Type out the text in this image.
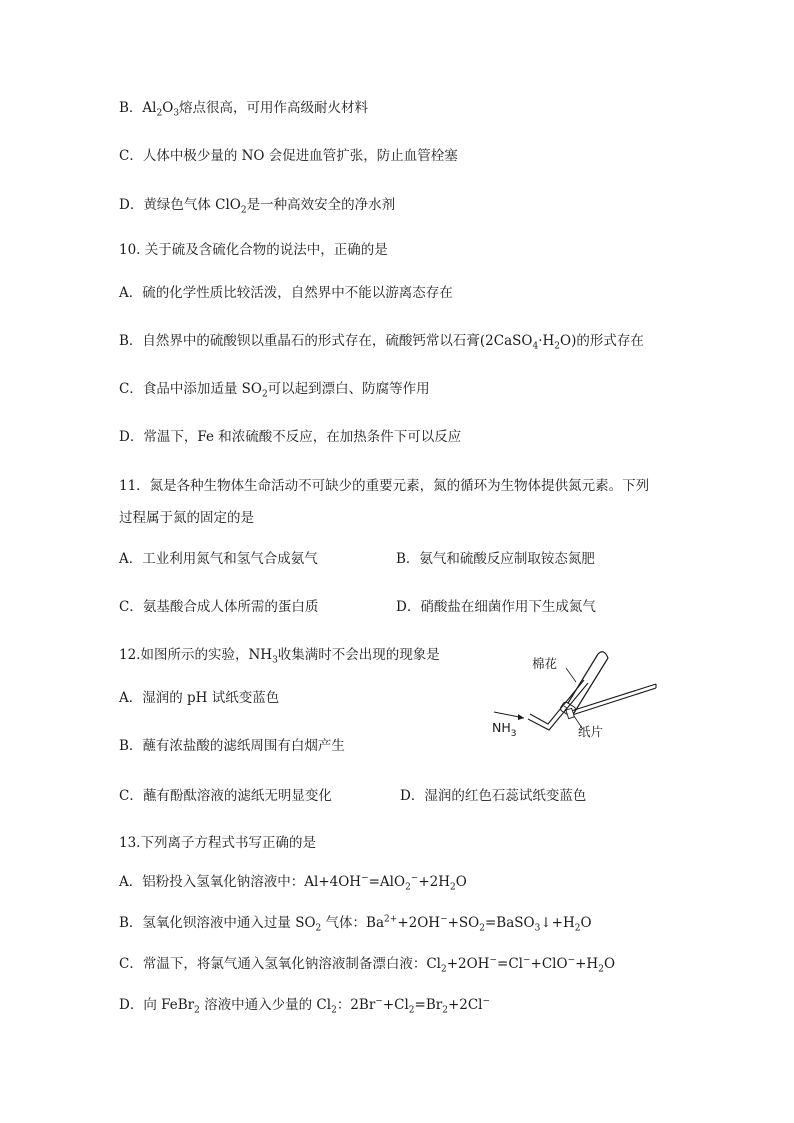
B．$Al_2O_3$熔点很高，可用作高级耐火材料
C．人体中极少量的 NO 会促进血管扩张，防止血管栓塞
D．黄绿色气体 ClO$_2$是一种高效安全的净水剂
10. 关于硫及含硫化合物的说法中，正确的是
A．硫的化学性质比较活泼，自然界中不能以游离态存在
B．自然界中的硫酸钡以重晶石的形式存在，硫酸钙常以石膏$(2CaSO_4\cdot H_2O)$的形式存在
C．食品中添加适量 $SO_2$可以起到漂白、防腐等作用
D．常温下，Fe 和浓硫酸不反应，在加热条件下可以反应
11．氮是各种生物体生命活动不可缺少的重要元素，氮的循环为生物体提供氮元素。下列
过程属于氮的固定的是
A．工业利用氮气和氢气合成氨气	B．氨气和硫酸反应制取铵态氮肥
C．氨基酸合成人体所需的蛋白质	D．硝酸盐在细菌作用下生成氮气
12.如图所示的实验，$NH_3$收集满时不会出现的现象是
A．湿润的 pH 试纸变蓝色
B．蘸有浓盐酸的滤纸周围有白烟产生
C．蘸有酚酞溶液的滤纸无明显变化	D．湿润的红色石蕊试纸变蓝色
棉花
纸片
$NH_3$
13.下列离子方程式书写正确的是
A．铝粉投入氢氧化钠溶液中：$Al+4OH^-=AlO_2^-+2H_2O$
B．氢氧化钡溶液中通入过量 $SO_2$ 气体：$Ba^{2+}+2OH^-+SO_2=BaSO_3↓+H_2O$
C．常温下，将氯气通入氢氧化钠溶液制备漂白液：$Cl_2+2OH^-=Cl^-+ClO^-+H_2O$
D．向 FeBr$_2$ 溶液中通入少量的 $Cl_2$：$2Br^-+Cl_2=Br_2+2Cl^-$
